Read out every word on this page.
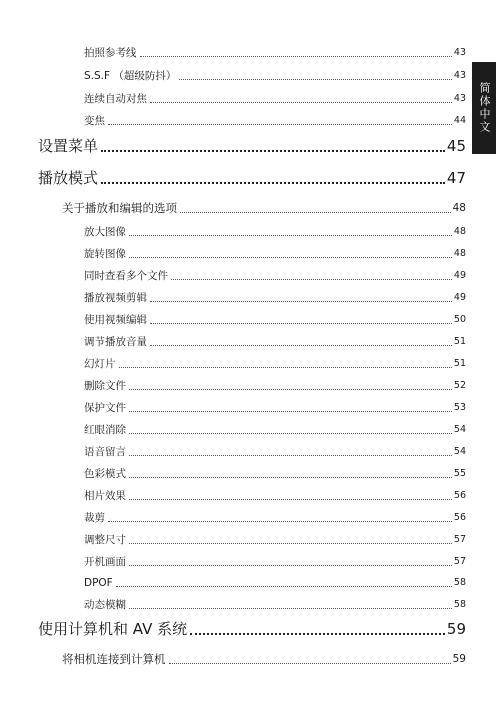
拍照参考线	43
S.S.F （超级防抖）	43
连续自动对焦	43
变焦	44
设置菜单	45
播放模式	47
关于播放和编辑的选项	48
放大图像	48
旋转图像	48
同时查看多个文件	49
播放视频剪辑	49
使用视频编辑	50
调节播放音量	51
幻灯片	51
删除文件	52
保护文件	53
红眼消除	54
语音留言	54
色彩模式	55
相片效果	56
裁剪	56
调整尺寸	57
开机画面	57
DPOF	58
动态模糊	58
使用计算机和 AV 系统	59
将相机连接到计算机	59
简体中文
